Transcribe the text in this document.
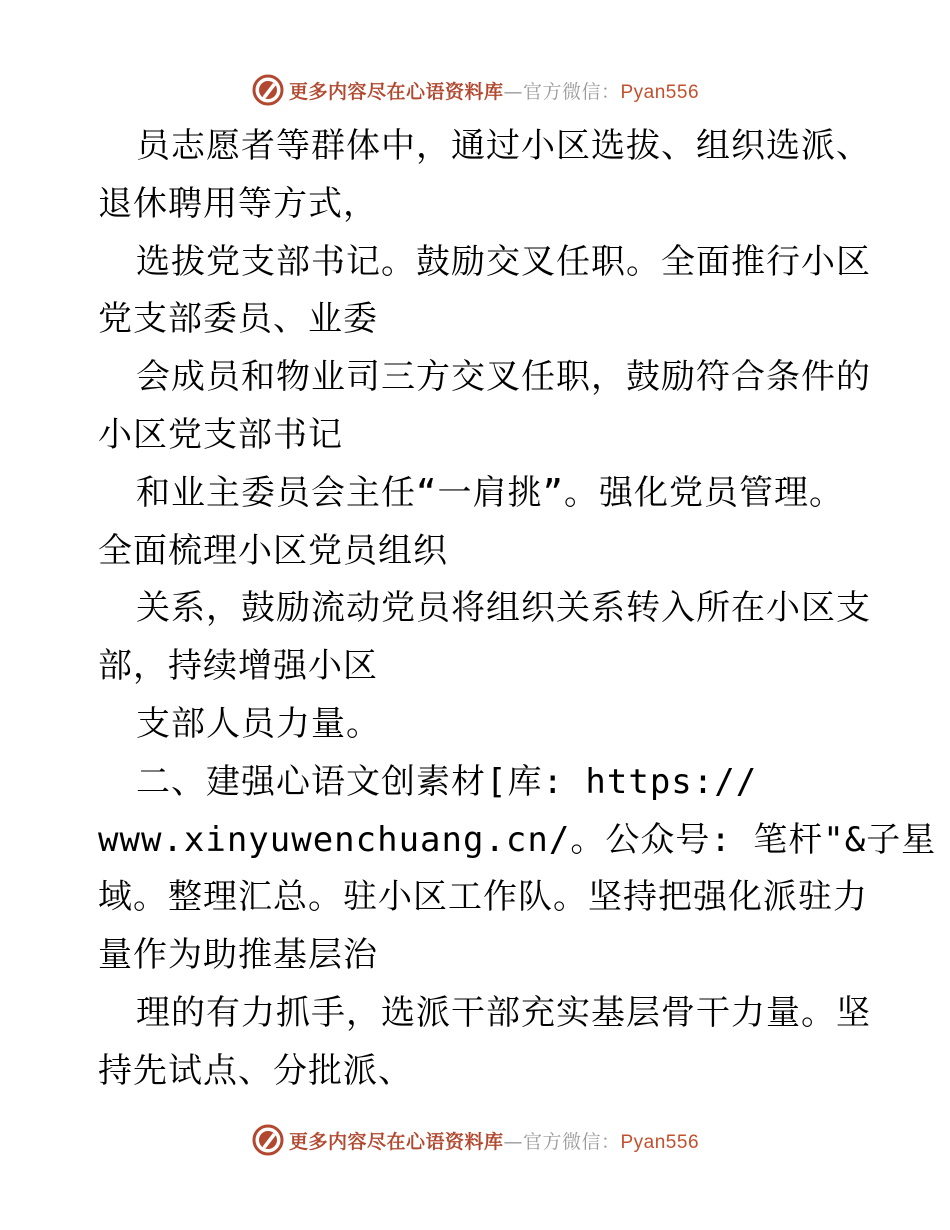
更多内容尽在心语资料库—官方微信：Pyan556
员志愿者等群体中，通过小区选拔、组织选派、
退休聘用等方式，
选拔党支部书记。鼓励交叉任职。全面推行小区
党支部委员、业委
会成员和物业司三方交叉任职，鼓励符合条件的
小区党支部书记
和业主委员会主任“一肩挑”。强化党员管理。
全面梳理小区党员组织
关系，鼓励流动党员将组织关系转入所在小区支
部，持续增强小区
支部人员力量。
二、建强心语文创素材[库: https://
www.xinyuwenchuang.cn/。公众号: 笔杆"&子星
域。整理汇总。驻小区工作队。坚持把强化派驻力
量作为助推基层治
理的有力抓手，选派干部充实基层骨干力量。坚
持先试点、分批派、
更多内容尽在心语资料库—官方微信：Pyan556
